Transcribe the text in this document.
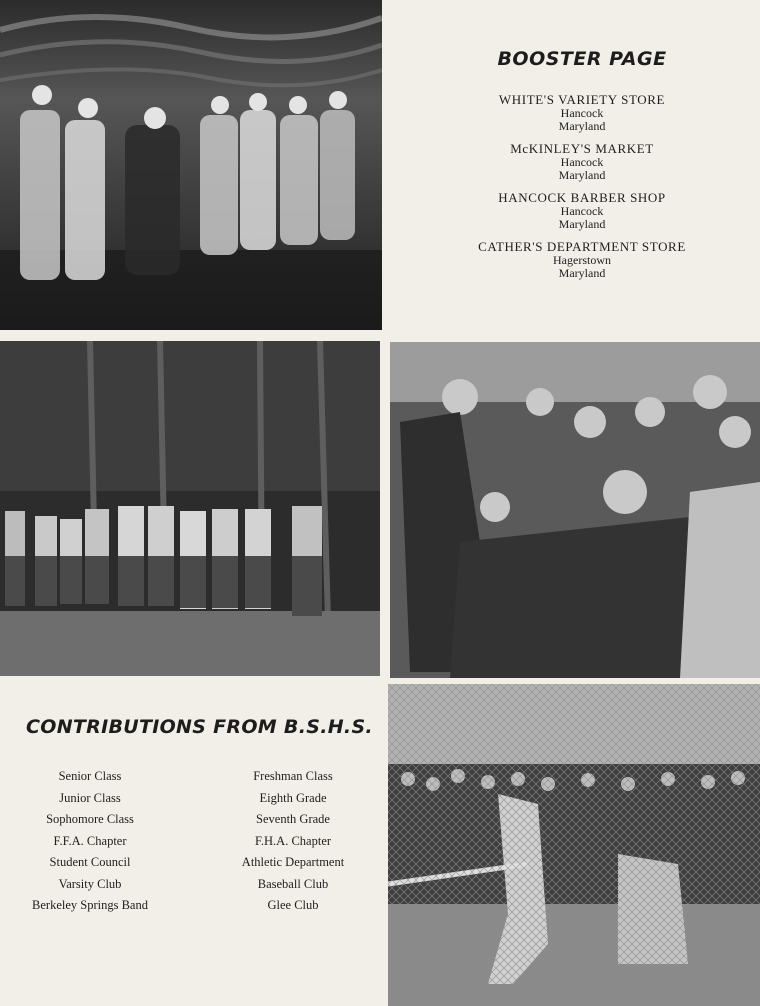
BOOSTER PAGE
WHITE'S VARIETY STORE
Hancock
Maryland
McKINLEY'S MARKET
Hancock
Maryland
HANCOCK BARBER SHOP
Hancock
Maryland
CATHER'S DEPARTMENT STORE
Hagerstown
Maryland
CONTRIBUTIONS FROM B.S.H.S.
Senior Class
Junior Class
Sophomore Class
F.F.A. Chapter
Student Council
Varsity Club
Berkeley Springs Band
Freshman Class
Eighth Grade
Seventh Grade
F.H.A. Chapter
Athletic Department
Baseball Club
Glee Club
